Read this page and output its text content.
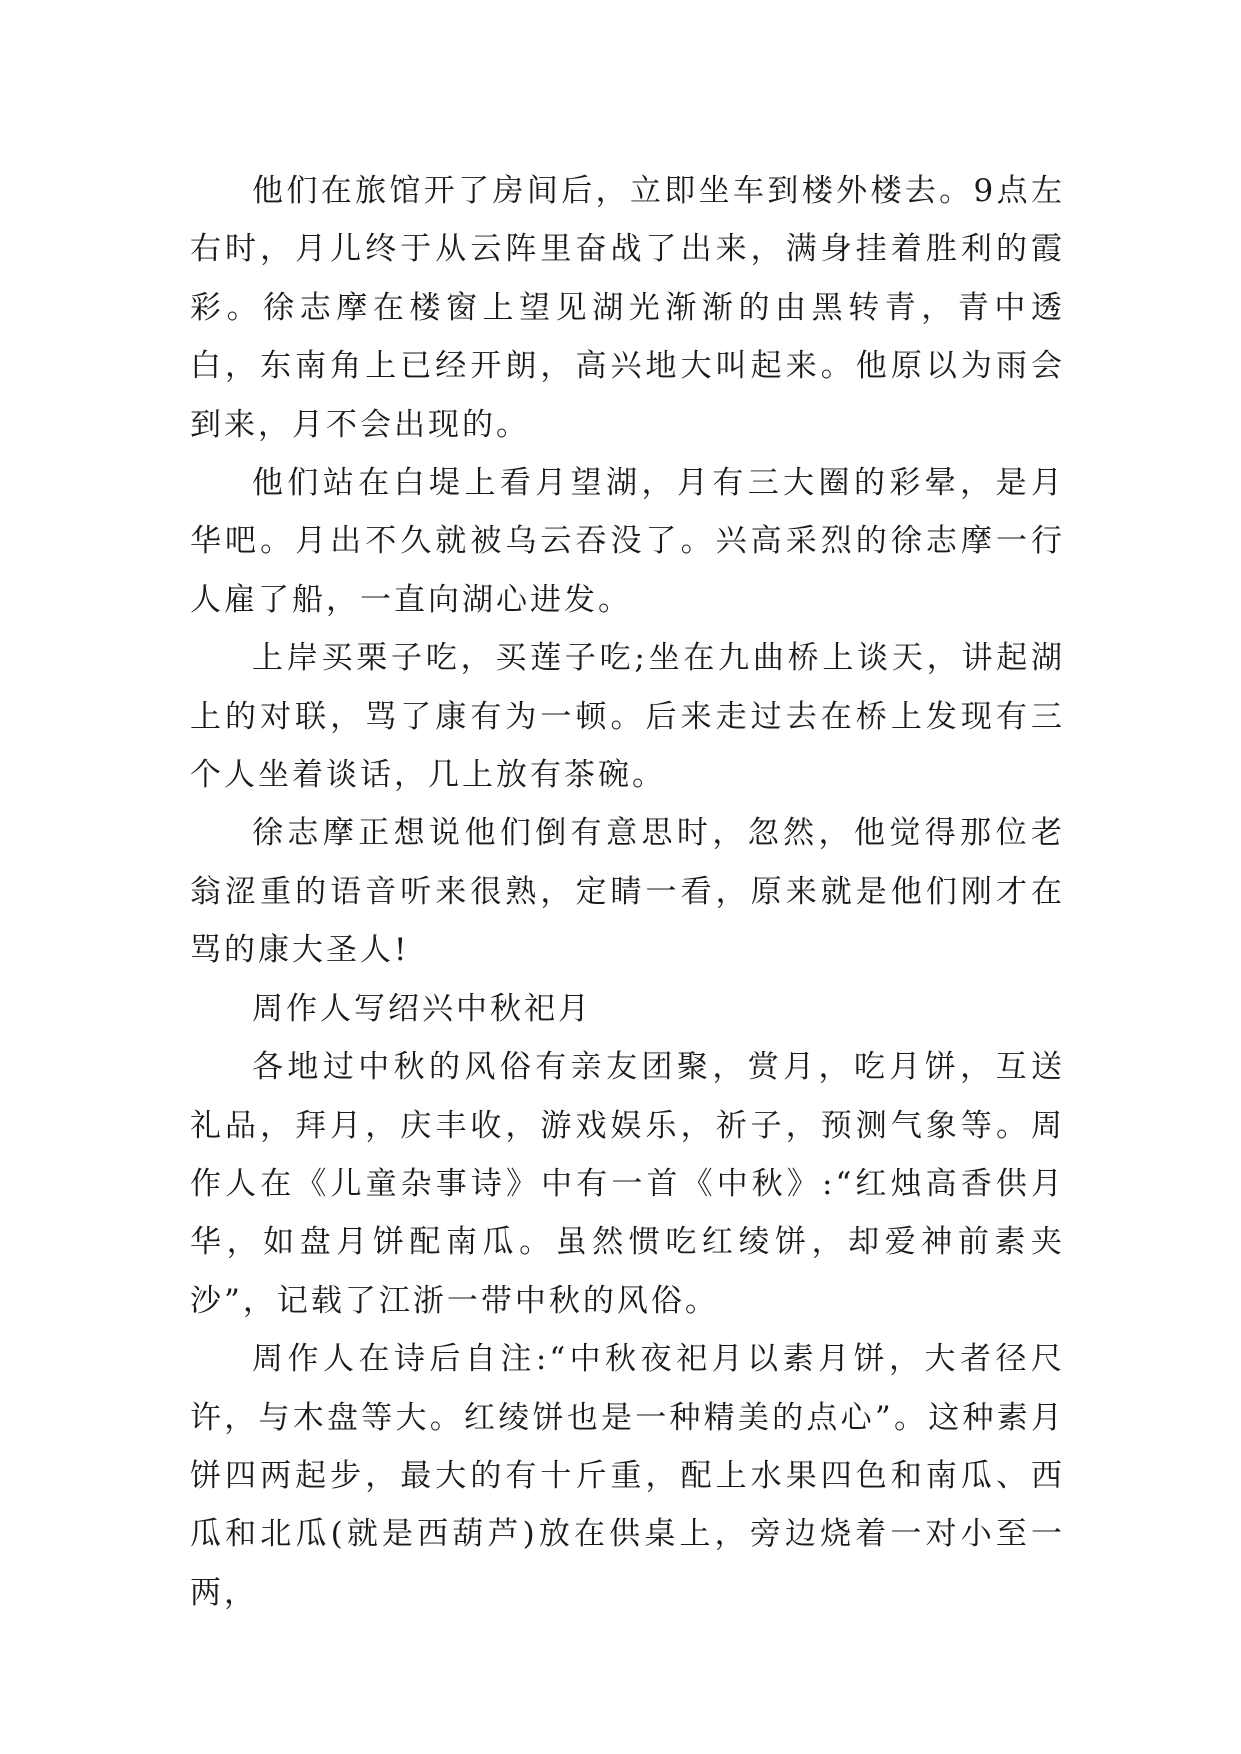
他们在旅馆开了房间后，立即坐车到楼外楼去。9点左右时，月儿终于从云阵里奋战了出来，满身挂着胜利的霞彩。徐志摩在楼窗上望见湖光渐渐的由黑转青，青中透白，东南角上已经开朗，高兴地大叫起来。他原以为雨会到来，月不会出现的。

他们站在白堤上看月望湖，月有三大圈的彩晕，是月华吧。月出不久就被乌云吞没了。兴高采烈的徐志摩一行人雇了船，一直向湖心进发。

上岸买栗子吃，买莲子吃;坐在九曲桥上谈天，讲起湖上的对联，骂了康有为一顿。后来走过去在桥上发现有三个人坐着谈话，几上放有茶碗。

徐志摩正想说他们倒有意思时，忽然，他觉得那位老翁涩重的语音听来很熟，定睛一看，原来就是他们刚才在骂的康大圣人!

周作人写绍兴中秋祀月

各地过中秋的风俗有亲友团聚，赏月，吃月饼，互送礼品，拜月，庆丰收，游戏娱乐，祈子，预测气象等。周作人在《儿童杂事诗》中有一首《中秋》:“红烛高香供月华，如盘月饼配南瓜。虽然惯吃红绫饼，却爱神前素夹沙”，记载了江浙一带中秋的风俗。

周作人在诗后自注:“中秋夜祀月以素月饼，大者径尺许，与木盘等大。红绫饼也是一种精美的点心”。这种素月饼四两起步，最大的有十斤重，配上水果四色和南瓜、西瓜和北瓜(就是西葫芦)放在供桌上，旁边烧着一对小至一两，
